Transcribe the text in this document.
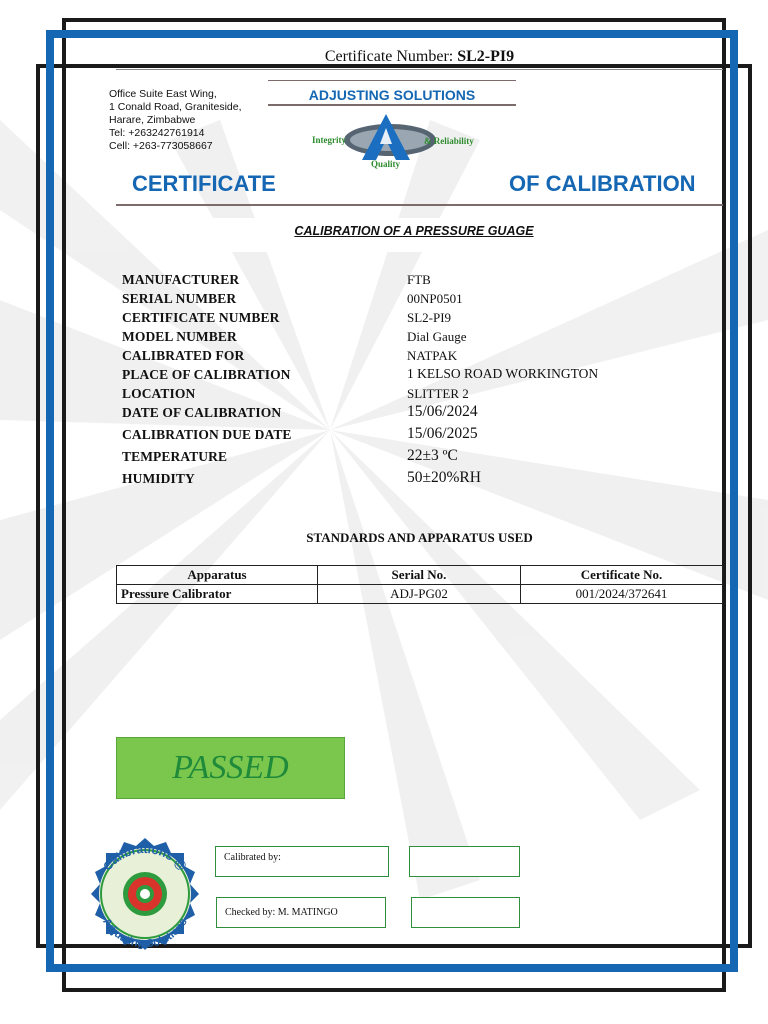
Certificate Number: SL2-PI9
Office Suite East Wing,
1 Conald Road, Graniteside,
Harare, Zimbabwe
Tel: +263242761914
Cell: +263-773058667
ADJUSTING SOLUTIONS
Integrity	& Reliability
Quality
CERTIFICATE	OF CALIBRATION
CALIBRATION OF A PRESSURE GUAGE
MANUFACTURER	FTB
SERIAL NUMBER	00NP0501
CERTIFICATE NUMBER	SL2-PI9
MODEL NUMBER	Dial Gauge
CALIBRATED FOR	NATPAK
PLACE OF CALIBRATION	1 KELSO ROAD WORKINGTON
LOCATION	SLITTER 2
DATE OF CALIBRATION	15/06/2024
CALIBRATION DUE DATE	15/06/2025
TEMPERATURE	22±3 ºC
HUMIDITY	50±20%RH
STANDARDS AND APPARATUS USED
Apparatus	Serial No.	Certificate No.
Pressure Calibrator	ADJ-PG02	001/2024/372641
PASSED
Calibrations @
Adjusting Solutions
Calibrated by:
Checked by: M. MATINGO
